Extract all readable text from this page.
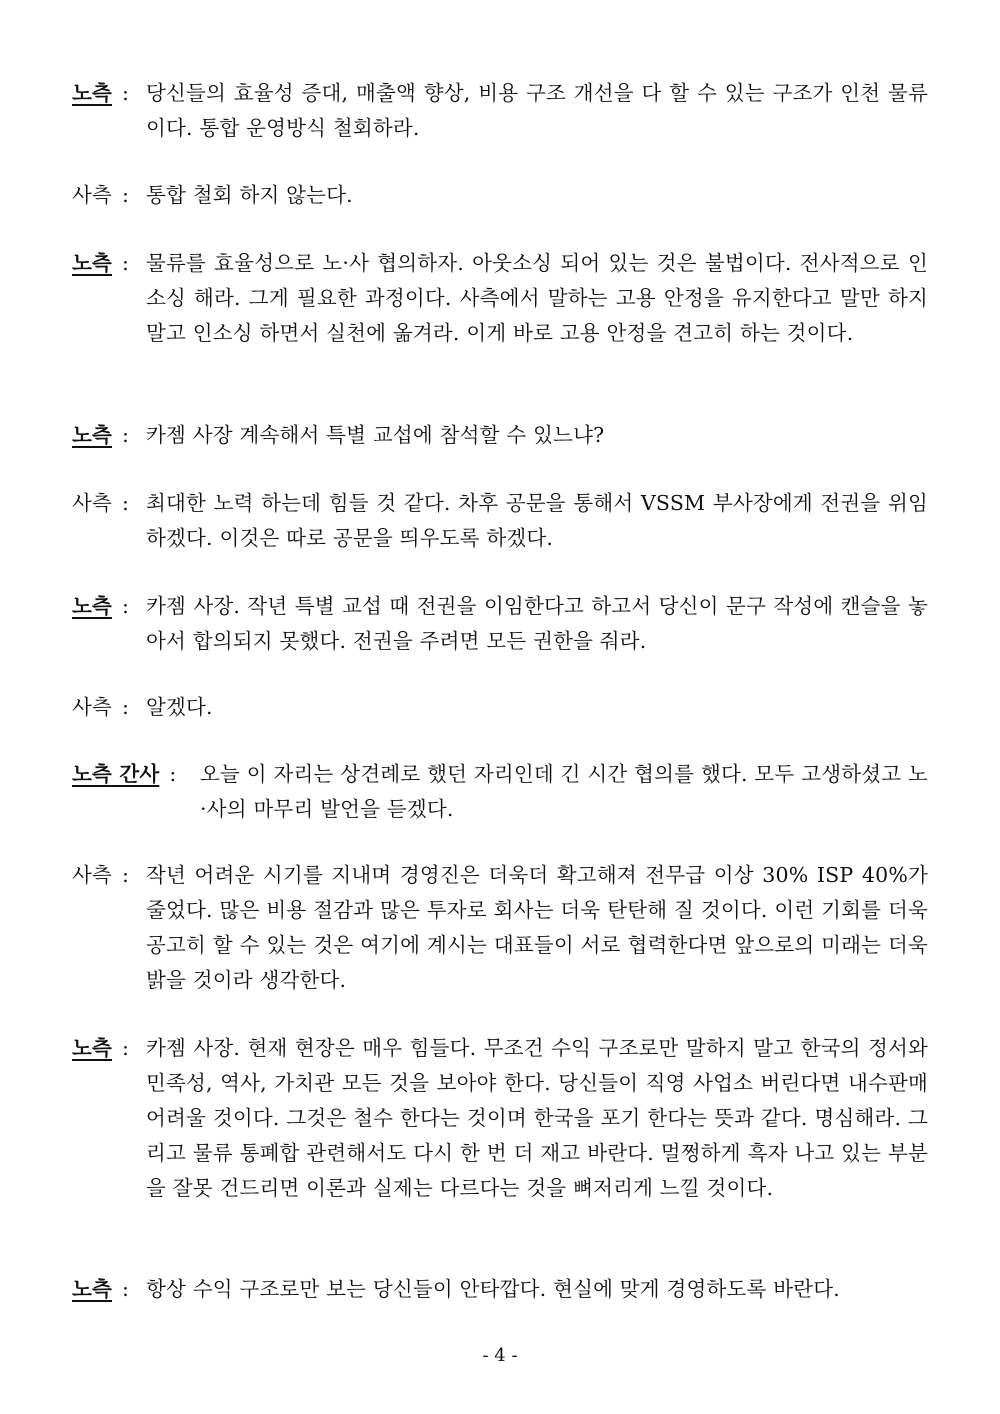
노측 : 당신들의 효율성 증대, 매출액 향상, 비용 구조 개선을 다 할 수 있는 구조가 인천 물류이다. 통합 운영방식 철회하라.
사측 : 통합 철회 하지 않는다.
노측 : 물류를 효율성으로 노·사 협의하자. 아웃소싱 되어 있는 것은 불법이다. 전사적으로 인소싱 해라. 그게 필요한 과정이다. 사측에서 말하는 고용 안정을 유지한다고 말만 하지 말고 인소싱 하면서 실천에 옮겨라. 이게 바로 고용 안정을 견고히 하는 것이다.
노측 : 카젬 사장 계속해서 특별 교섭에 참석할 수 있느냐?
사측 : 최대한 노력 하는데 힘들 것 같다. 차후 공문을 통해서 VSSM 부사장에게 전권을 위임하겠다. 이것은 따로 공문을 띄우도록 하겠다.
노측 : 카젬 사장. 작년 특별 교섭 때 전권을 이임한다고 하고서 당신이 문구 작성에 캔슬을 놓아서 합의되지 못했다. 전권을 주려면 모든 권한을 줘라.
사측 : 알겠다.
노측 간사 : 오늘 이 자리는 상견례로 했던 자리인데 긴 시간 협의를 했다. 모두 고생하셨고 노·사의 마무리 발언을 듣겠다.
사측 : 작년 어려운 시기를 지내며 경영진은 더욱더 확고해져 전무급 이상 30% ISP 40%가 줄었다. 많은 비용 절감과 많은 투자로 회사는 더욱 탄탄해 질 것이다. 이런 기회를 더욱 공고히 할 수 있는 것은 여기에 계시는 대표들이 서로 협력한다면 앞으로의 미래는 더욱 밝을 것이라 생각한다.
노측 : 카젬 사장. 현재 현장은 매우 힘들다. 무조건 수익 구조로만 말하지 말고 한국의 정서와 민족성, 역사, 가치관 모든 것을 보아야 한다. 당신들이 직영 사업소 버린다면 내수판매 어려울 것이다. 그것은 철수 한다는 것이며 한국을 포기 한다는 뜻과 같다. 명심해라. 그리고 물류 통폐합 관련해서도 다시 한 번 더 재고 바란다. 멀쩡하게 흑자 나고 있는 부분을 잘못 건드리면 이론과 실제는 다르다는 것을 뼈저리게 느낄 것이다.
노측 : 항상 수익 구조로만 보는 당신들이 안타깝다. 현실에 맞게 경영하도록 바란다.
- 4 -
